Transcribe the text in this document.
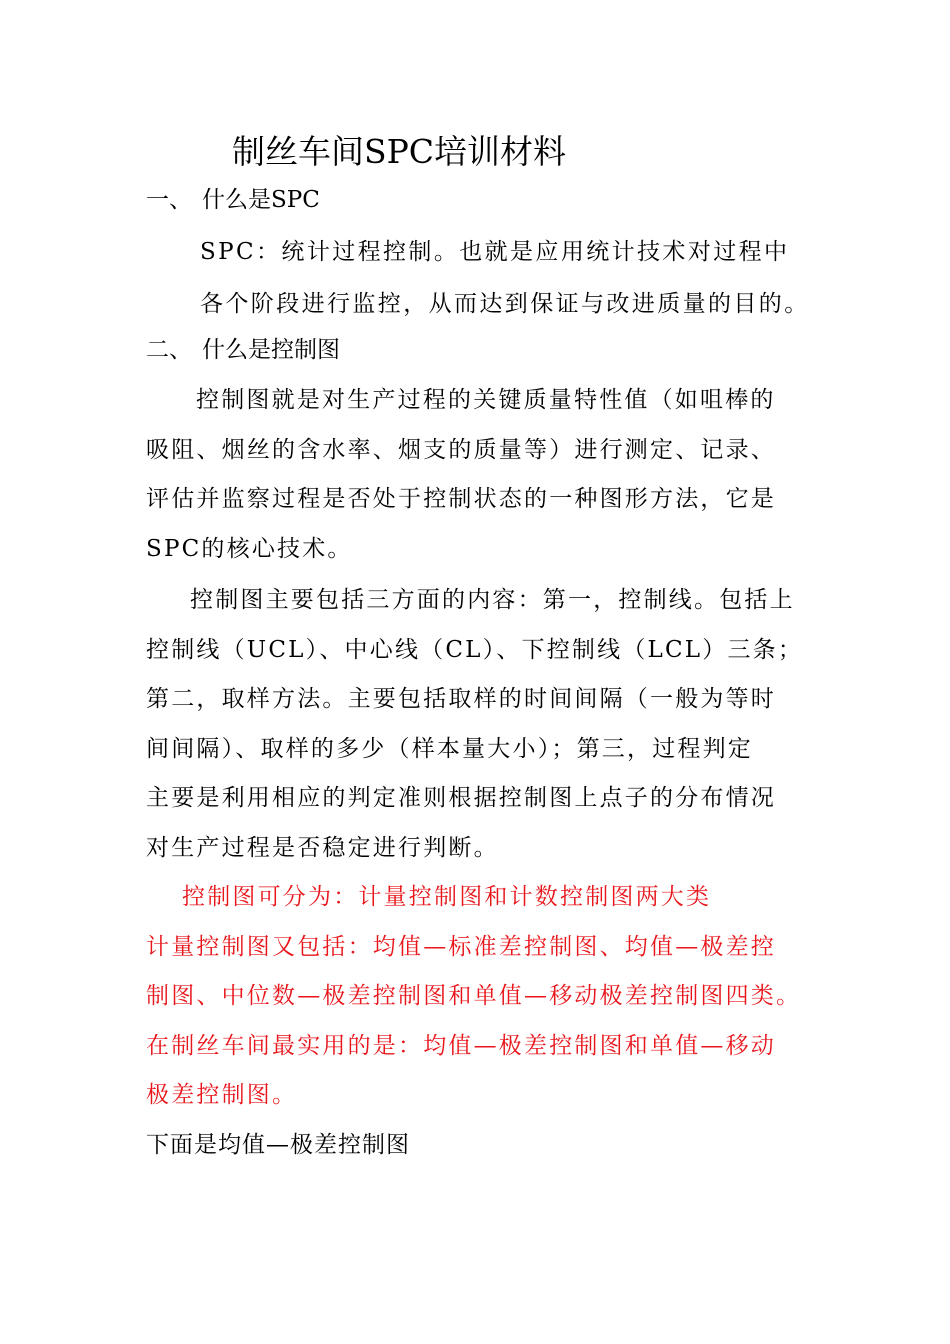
制丝车间SPC培训材料
一、 什么是SPC
SPC：统计过程控制。也就是应用统计技术对过程中
各个阶段进行监控，从而达到保证与改进质量的目的。
二、 什么是控制图
控制图就是对生产过程的关键质量特性值（如咀棒的
吸阻、烟丝的含水率、烟支的质量等）进行测定、记录、
评估并监察过程是否处于控制状态的一种图形方法，它是
SPC的核心技术。
控制图主要包括三方面的内容：第一，控制线。包括上
控制线（UCL）、中心线（CL）、下控制线（LCL）三条；
第二，取样方法。主要包括取样的时间间隔（一般为等时
间间隔）、取样的多少（样本量大小）；第三，过程判定
主要是利用相应的判定准则根据控制图上点子的分布情况
对生产过程是否稳定进行判断。
控制图可分为：计量控制图和计数控制图两大类
计量控制图又包括：均值—标准差控制图、均值—极差控
制图、中位数—极差控制图和单值—移动极差控制图四类。
在制丝车间最实用的是：均值—极差控制图和单值—移动
极差控制图。
下面是均值—极差控制图
